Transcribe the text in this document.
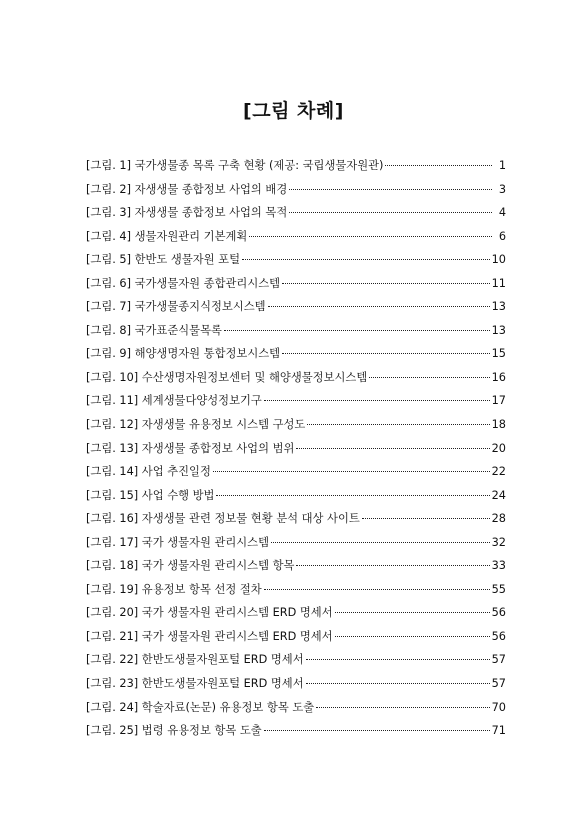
[그림 차례]
[그림. 1] 국가생물종 목록 구축 현황 (제공: 국립생물자원관)	1
[그림. 2] 자생생물 종합정보 사업의 배경	3
[그림. 3] 자생생물 종합정보 사업의 목적	4
[그림. 4] 생물자원관리 기본계획	6
[그림. 5] 한반도 생물자원 포털	10
[그림. 6] 국가생물자원 종합관리시스템	11
[그림. 7] 국가생물종지식정보시스템	13
[그림. 8] 국가표준식물목록	13
[그림. 9] 해양생명자원 통합정보시스템	15
[그림. 10] 수산생명자원정보센터 및 해양생물정보시스템	16
[그림. 11] 세계생물다양성정보기구	17
[그림. 12] 자생생물 유용정보 시스템 구성도	18
[그림. 13] 자생생물 종합정보 사업의 범위	20
[그림. 14] 사업 추진일정	22
[그림. 15] 사업 수행 방법	24
[그림. 16] 자생생물 관련 정보물 현황 분석 대상 사이트	28
[그림. 17] 국가 생물자원 관리시스템	32
[그림. 18] 국가 생물자원 관리시스템 항목	33
[그림. 19] 유용정보 항목 선정 절차	55
[그림. 20] 국가 생물자원 관리시스템 ERD 명세서	56
[그림. 21] 국가 생물자원 관리시스템 ERD 명세서	56
[그림. 22] 한반도생물자원포털 ERD 명세서	57
[그림. 23] 한반도생물자원포털 ERD 명세서	57
[그림. 24] 학술자료(논문) 유용정보 항목 도출	70
[그림. 25] 법령 유용정보 항목 도출	71
